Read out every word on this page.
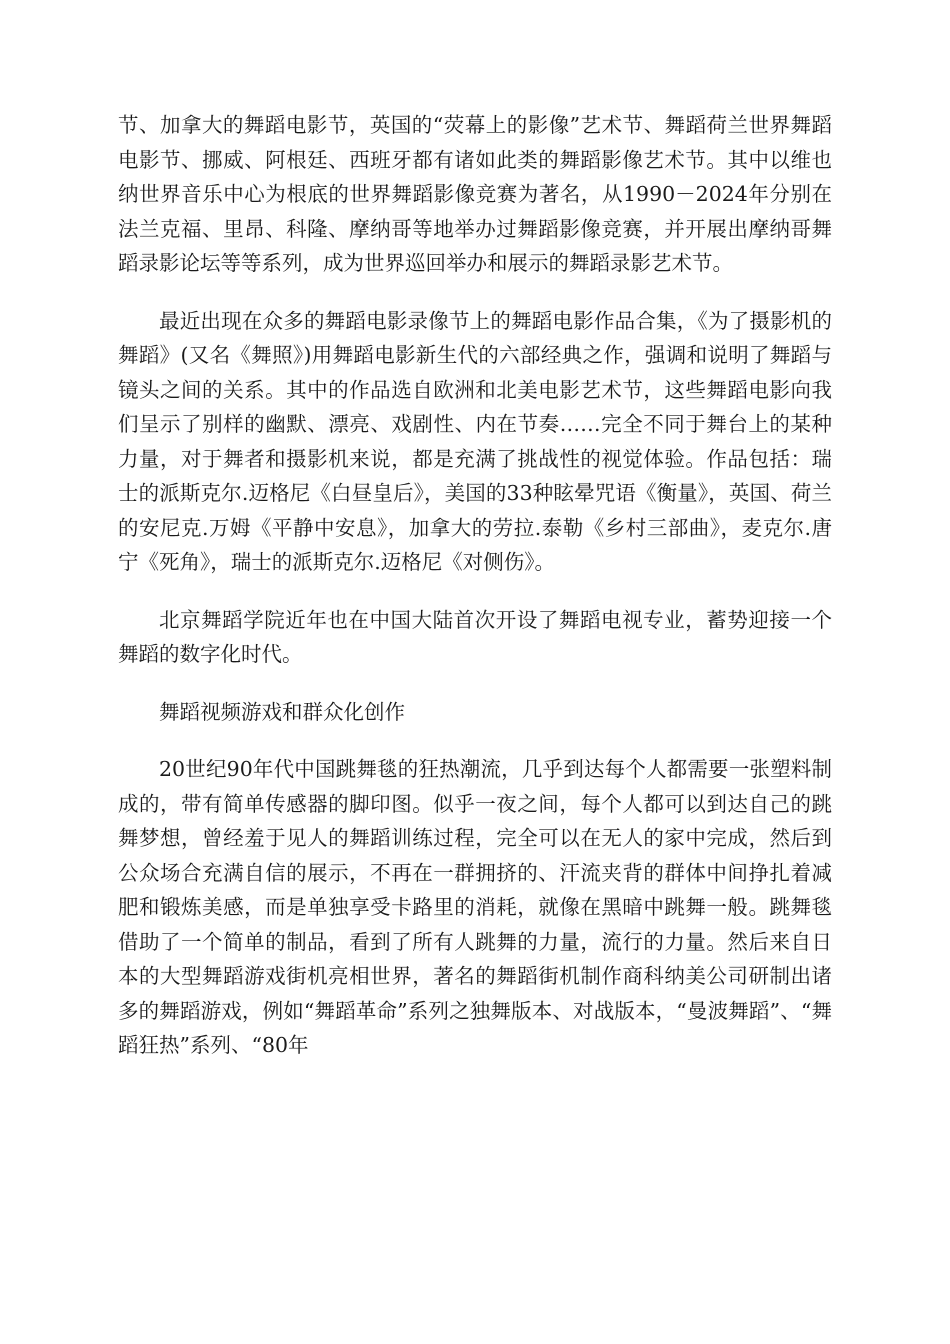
节、加拿大的舞蹈电影节，英国的“荧幕上的影像”艺术节、舞蹈荷兰世界舞蹈电影节、挪威、阿根廷、西班牙都有诸如此类的舞蹈影像艺术节。其中以维也纳世界音乐中心为根底的世界舞蹈影像竞赛为著名，从1990－2024年分别在法兰克福、里昂、科隆、摩纳哥等地举办过舞蹈影像竞赛，并开展出摩纳哥舞蹈录影论坛等等系列，成为世界巡回举办和展示的舞蹈录影艺术节。

最近出现在众多的舞蹈电影录像节上的舞蹈电影作品合集，《为了摄影机的舞蹈》(又名《舞照》)用舞蹈电影新生代的六部经典之作，强调和说明了舞蹈与镜头之间的关系。其中的作品选自欧洲和北美电影艺术节，这些舞蹈电影向我们呈示了别样的幽默、漂亮、戏剧性、内在节奏……完全不同于舞台上的某种力量，对于舞者和摄影机来说，都是充满了挑战性的视觉体验。作品包括：瑞士的派斯克尔.迈格尼《白昼皇后》，美国的33种眩晕咒语《衡量》，英国、荷兰的安尼克.万姆《平静中安息》，加拿大的劳拉.泰勒《乡村三部曲》，麦克尔.唐宁《死角》，瑞士的派斯克尔.迈格尼《对侧伤》。

北京舞蹈学院近年也在中国大陆首次开设了舞蹈电视专业，蓄势迎接一个舞蹈的数字化时代。

舞蹈视频游戏和群众化创作

20世纪90年代中国跳舞毯的狂热潮流，几乎到达每个人都需要一张塑料制成的，带有简单传感器的脚印图。似乎一夜之间，每个人都可以到达自己的跳舞梦想，曾经羞于见人的舞蹈训练过程，完全可以在无人的家中完成，然后到公众场合充满自信的展示，不再在一群拥挤的、汗流夹背的群体中间挣扎着减肥和锻炼美感，而是单独享受卡路里的消耗，就像在黑暗中跳舞一般。跳舞毯借助了一个简单的制品，看到了所有人跳舞的力量，流行的力量。然后来自日本的大型舞蹈游戏街机亮相世界，著名的舞蹈街机制作商科纳美公司研制出诸多的舞蹈游戏，例如“舞蹈革命”系列之独舞版本、对战版本，“曼波舞蹈”、“舞蹈狂热”系列、“80年
